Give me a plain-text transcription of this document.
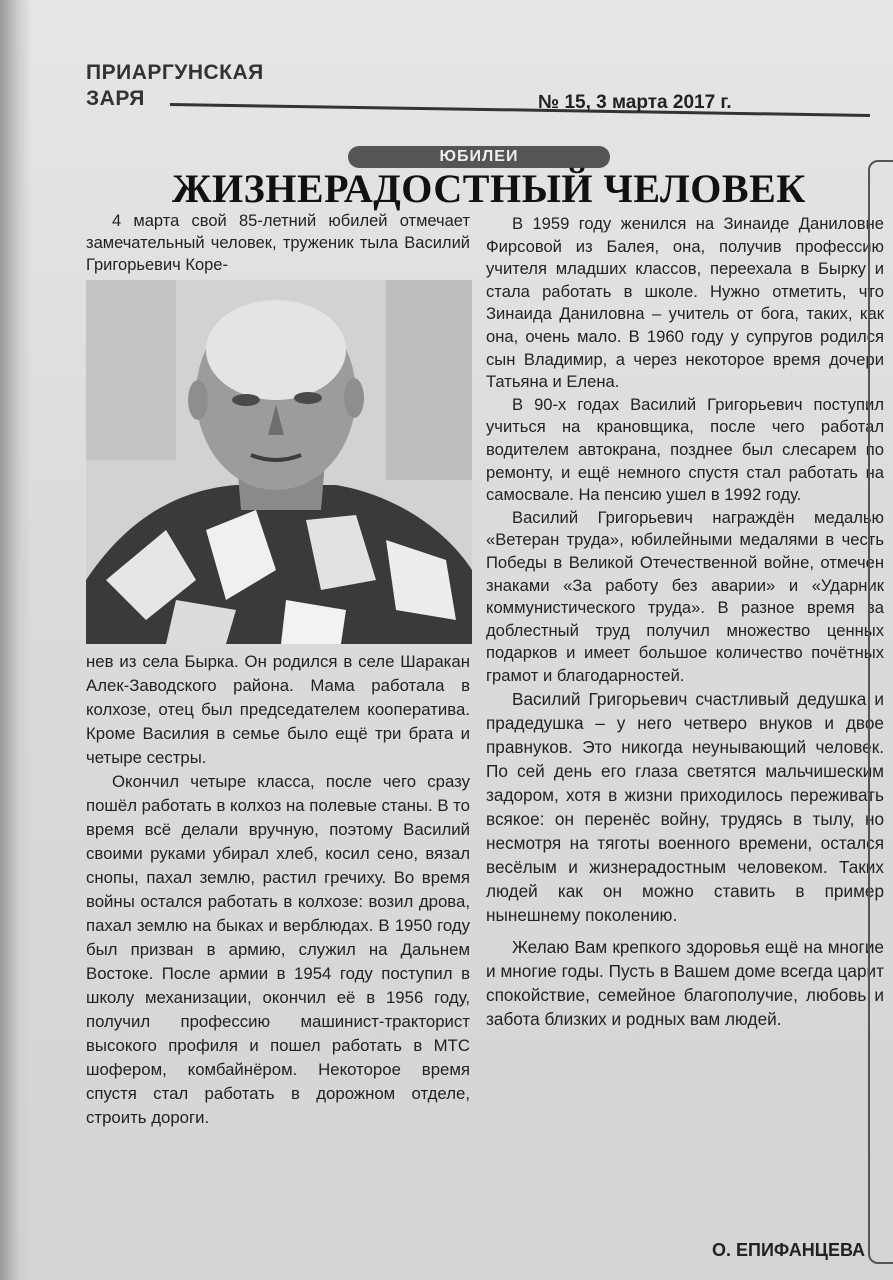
ПРИАРГУНСКАЯ
ЗАРЯ	№ 15, 3 марта 2017 г.
ЮБИЛЕИ
ЖИЗНЕРАДОСТНЫЙ ЧЕЛОВЕК

4 марта свой 85-летний юбилей отмечает замечательный человек, труженик тыла Василий Григорьевич Коре-

нев из села Бырка. Он родился в селе Шаракан Алек-Заводского района. Мама работала в колхозе, отец был председателем кооператива. Кроме Василия в семье было ещё три брата и четыре сестры.

Окончил четыре класса, после чего сразу пошёл работать в колхоз на полевые станы. В то время всё делали вручную, поэтому Василий своими руками убирал хлеб, косил сено, вязал снопы, пахал землю, растил гречиху. Во время войны остался работать в колхозе: возил дрова, пахал землю на быках и верблюдах. В 1950 году был призван в армию, служил на Дальнем Востоке. После армии в 1954 году поступил в школу механизации, окончил её в 1956 году, получил профессию машинист-тракторист высокого профиля и пошел работать в МТС шофером, комбайнёром. Некоторое время спустя стал работать в дорожном отделе, строить дороги.

В 1959 году женился на Зинаиде Даниловне Фирсовой из Балея, она, получив профессию учителя младших классов, переехала в Бырку и стала работать в школе. Нужно отметить, что Зинаида Даниловна – учитель от бога, таких, как она, очень мало. В 1960 году у супругов родился сын Владимир, а через некоторое время дочери Татьяна и Елена.

В 90-х годах Василий Григорьевич поступил учиться на крановщика, после чего работал водителем автокрана, позднее был слесарем по ремонту, и ещё немного спустя стал работать на самосвале. На пенсию ушел в 1992 году.

Василий Григорьевич награждён медалью «Ветеран труда», юбилейными медалями в честь Победы в Великой Отечественной войне, отмечен знаками «За работу без аварии» и «Ударник коммунистического труда». В разное время за доблестный труд получил множество ценных подарков и имеет большое количество почётных грамот и благодарностей.

Василий Григорьевич счастливый дедушка и прадедушка – у него четверо внуков и двое правнуков. Это никогда неунывающий человек. По сей день его глаза светятся мальчишеским задором, хотя в жизни приходилось переживать всякое: он перенёс войну, трудясь в тылу, но несмотря на тяготы военного времени, остался весёлым и жизнерадостным человеком. Таких людей как он можно ставить в пример нынешнему поколению.

Желаю Вам крепкого здоровья ещё на многие и многие годы. Пусть в Вашем доме всегда царит спокойствие, семейное благополучие, любовь и забота близких и родных вам людей.

О. ЕПИФАНЦЕВА
